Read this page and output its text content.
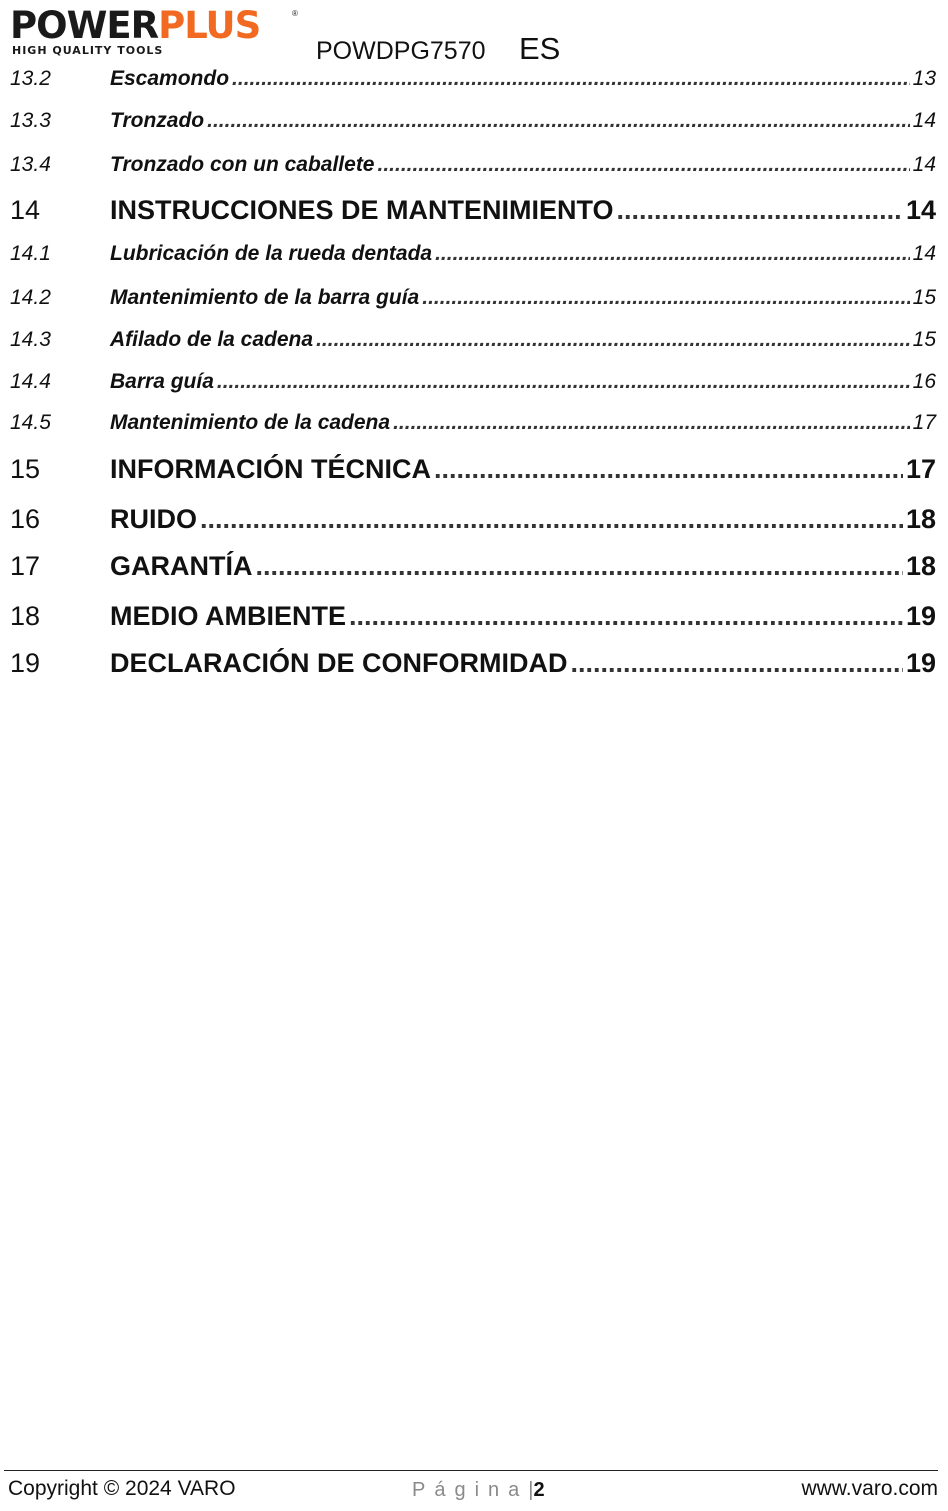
POWERPLUS	®
HIGH QUALITY TOOLS	POWDPG7570 ES
13.2	Escamondo .....	13
13.3	Tronzado .....	14
13.4	Tronzado con un caballete .....	14
14	INSTRUCCIONES DE MANTENIMIENTO .....	14
14.1	Lubricación de la rueda dentada .....	14
14.2	Mantenimiento de la barra guía .....	15
14.3	Afilado de la cadena .....	15
14.4	Barra guía .....	16
14.5	Mantenimiento de la cadena .....	17
15	INFORMACIÓN TÉCNICA .....	17
16	RUIDO .....	18
17	GARANTÍA .....	18
18	MEDIO AMBIENTE .....	19
19	DECLARACIÓN DE CONFORMIDAD .....	19
Copyright © 2024 VARO	Página|2	www.varo.com
